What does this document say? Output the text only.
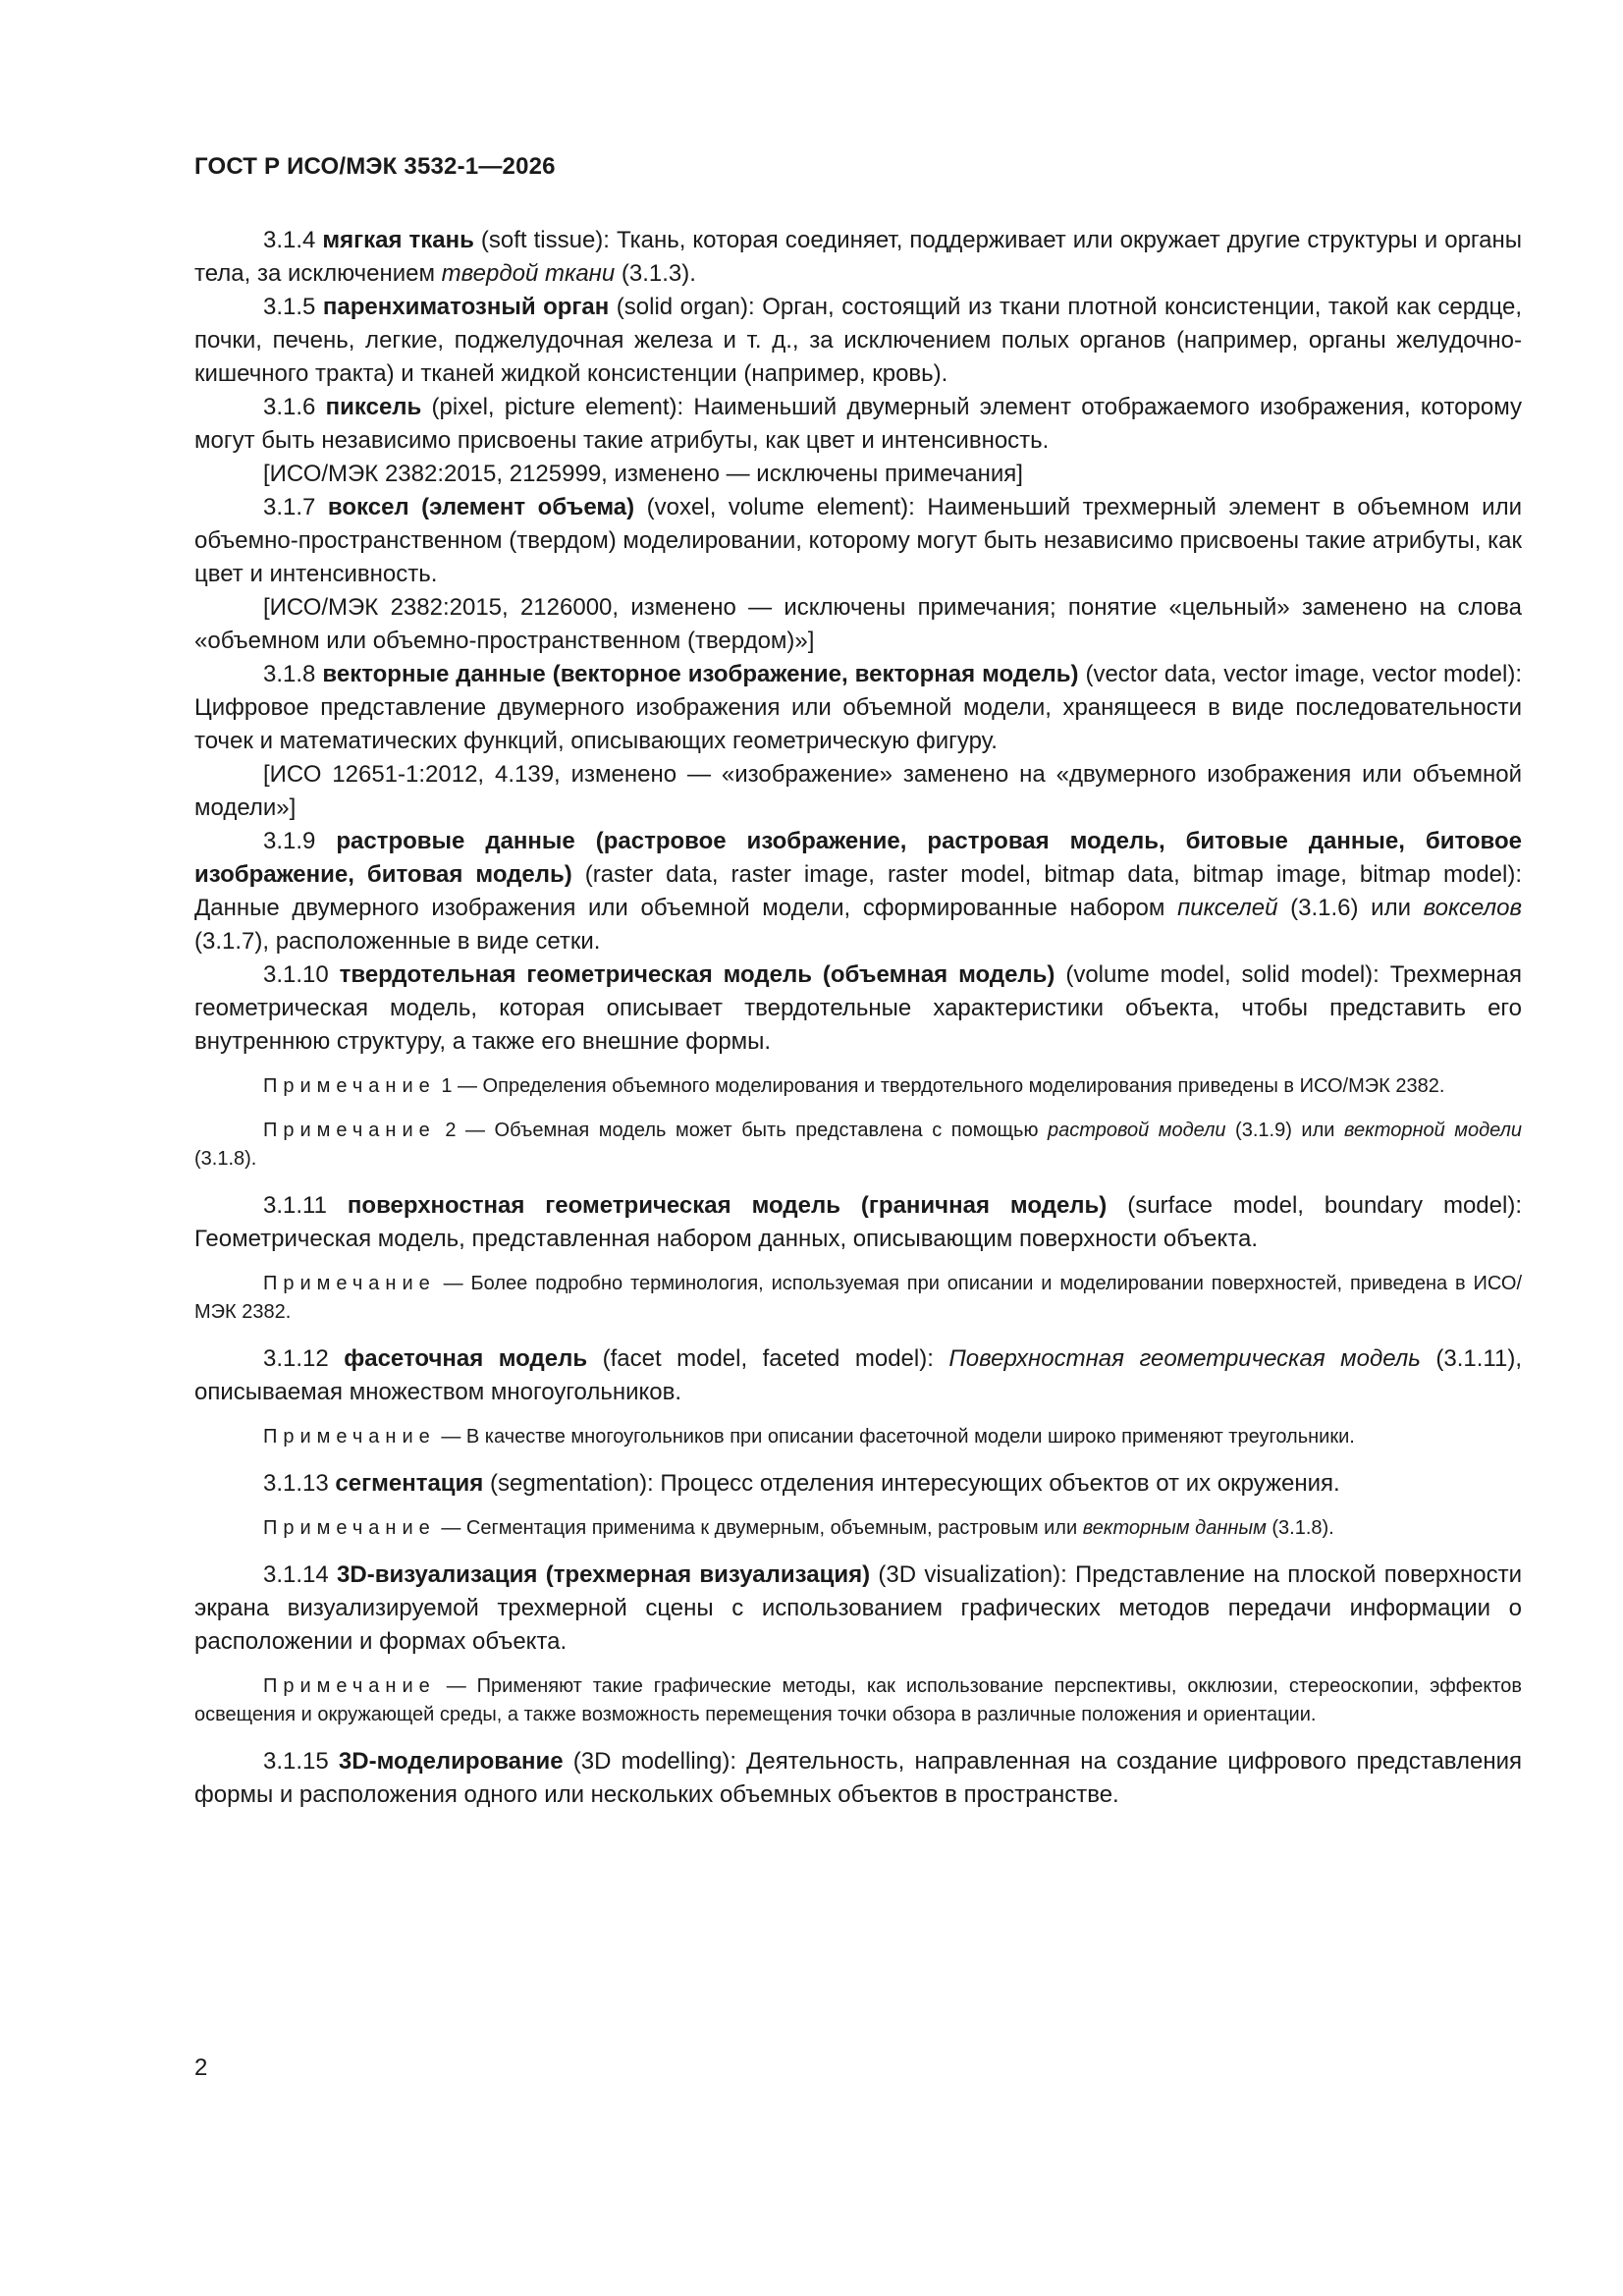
ГОСТ Р ИСО/МЭК 3532-1—2026

3.1.4 мягкая ткань (soft tissue): Ткань, которая соединяет, поддерживает или окружает другие структуры и органы тела, за исключением твердой ткани (3.1.3).

3.1.5 паренхиматозный орган (solid organ): Орган, состоящий из ткани плотной консистенции, такой как сердце, почки, печень, легкие, поджелудочная железа и т. д., за исключением полых органов (например, органы желудочно-кишечного тракта) и тканей жидкой консистенции (например, кровь).

3.1.6 пиксель (pixel, picture element): Наименьший двумерный элемент отображаемого изображения, которому могут быть независимо присвоены такие атрибуты, как цвет и интенсивность.

[ИСО/МЭК 2382:2015, 2125999, изменено — исключены примечания]

3.1.7 воксел (элемент объема) (voxel, volume element): Наименьший трехмерный элемент в объемном или объемно-пространственном (твердом) моделировании, которому могут быть независимо присвоены такие атрибуты, как цвет и интенсивность.

[ИСО/МЭК 2382:2015, 2126000, изменено — исключены примечания; понятие «цельный» заменено на слова «объемном или объемно-пространственном (твердом)»]

3.1.8 векторные данные (векторное изображение, векторная модель) (vector data, vector image, vector model): Цифровое представление двумерного изображения или объемной модели, хранящееся в виде последовательности точек и математических функций, описывающих геометрическую фигуру.

[ИСО 12651-1:2012, 4.139, изменено — «изображение» заменено на «двумерного изображения или объемной модели»]

3.1.9 растровые данные (растровое изображение, растровая модель, битовые данные, битовое изображение, битовая модель) (raster data, raster image, raster model, bitmap data, bitmap image, bitmap model): Данные двумерного изображения или объемной модели, сформированные набором пикселей (3.1.6) или вокселов (3.1.7), расположенные в виде сетки.

3.1.10 твердотельная геометрическая модель (объемная модель) (volume model, solid model): Трехмерная геометрическая модель, которая описывает твердотельные характеристики объекта, чтобы представить его внутреннюю структуру, а также его внешние формы.

Примечание 1 — Определения объемного моделирования и твердотельного моделирования приведены в ИСО/МЭК 2382.

Примечание 2 — Объемная модель может быть представлена с помощью растровой модели (3.1.9) или векторной модели (3.1.8).

3.1.11 поверхностная геометрическая модель (граничная модель) (surface model, boundary model): Геометрическая модель, представленная набором данных, описывающим поверхности объекта.

Примечание — Более подробно терминология, используемая при описании и моделировании поверхностей, приведена в ИСО/МЭК 2382.

3.1.12 фасеточная модель (facet model, faceted model): Поверхностная геометрическая модель (3.1.11), описываемая множеством многоугольников.

Примечание — В качестве многоугольников при описании фасеточной модели широко применяют треугольники.

3.1.13 сегментация (segmentation): Процесс отделения интересующих объектов от их окружения.

Примечание — Сегментация применима к двумерным, объемным, растровым или векторным данным (3.1.8).

3.1.14 3D-визуализация (трехмерная визуализация) (3D visualization): Представление на плоской поверхности экрана визуализируемой трехмерной сцены с использованием графических методов передачи информации о расположении и формах объекта.

Примечание — Применяют такие графические методы, как использование перспективы, окклюзии, стереоскопии, эффектов освещения и окружающей среды, а также возможность перемещения точки обзора в различные положения и ориентации.

3.1.15 3D-моделирование (3D modelling): Деятельность, направленная на создание цифрового представления формы и расположения одного или нескольких объемных объектов в пространстве.

2
